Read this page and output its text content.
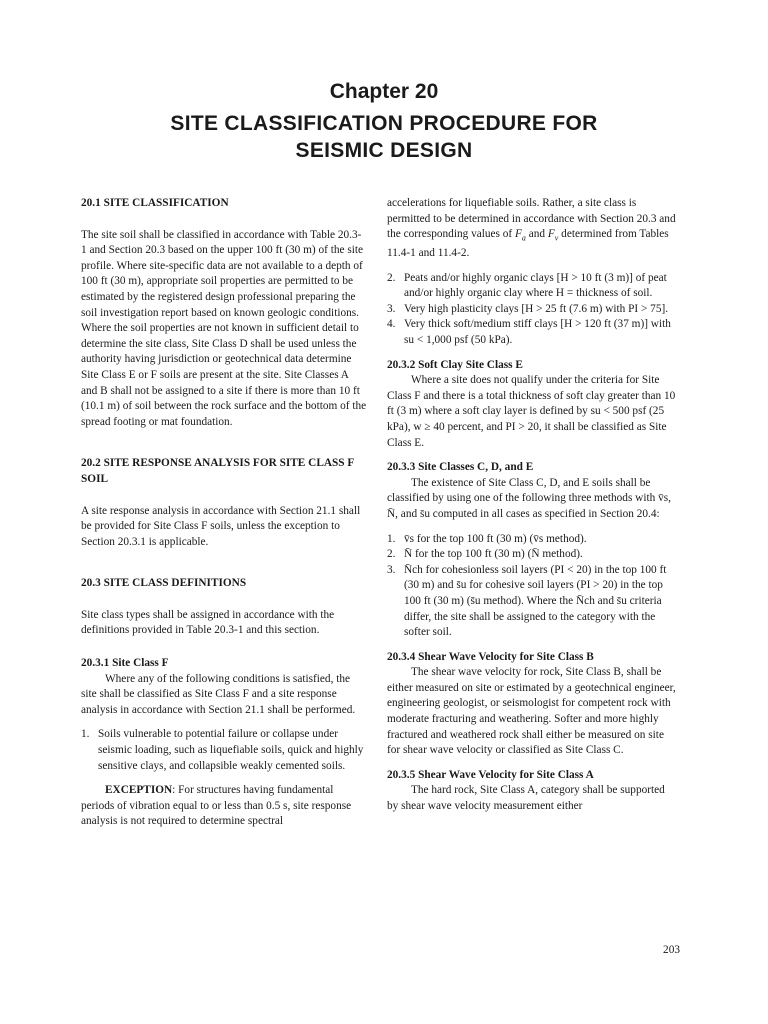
Chapter 20
SITE CLASSIFICATION PROCEDURE FOR
SEISMIC DESIGN

20.1 SITE CLASSIFICATION

The site soil shall be classified in accordance with Table 20.3-1 and Section 20.3 based on the upper 100 ft (30 m) of the site profile. Where site-specific data are not available to a depth of 100 ft (30 m), appropriate soil properties are permitted to be estimated by the registered design professional preparing the soil investigation report based on known geologic conditions. Where the soil properties are not known in sufficient detail to determine the site class, Site Class D shall be used unless the authority having jurisdiction or geotechnical data determine Site Class E or F soils are present at the site. Site Classes A and B shall not be assigned to a site if there is more than 10 ft (10.1 m) of soil between the rock surface and the bottom of the spread footing or mat foundation.

20.2 SITE RESPONSE ANALYSIS FOR SITE CLASS F SOIL

A site response analysis in accordance with Section 21.1 shall be provided for Site Class F soils, unless the exception to Section 20.3.1 is applicable.

20.3 SITE CLASS DEFINITIONS

Site class types shall be assigned in accordance with the definitions provided in Table 20.3-1 and this section.

20.3.1 Site Class F

Where any of the following conditions is satisfied, the site shall be classified as Site Class F and a site response analysis in accordance with Section 21.1 shall be performed.

1. Soils vulnerable to potential failure or collapse under seismic loading, such as liquefiable soils, quick and highly sensitive clays, and collapsible weakly cemented soils.

EXCEPTION: For structures having fundamental periods of vibration equal to or less than 0.5 s, site response analysis is not required to determine spectral

accelerations for liquefiable soils. Rather, a site class is permitted to be determined in accordance with Section 20.3 and the corresponding values of $F_a$ and $F_v$ determined from Tables 11.4-1 and 11.4-2.

2. Peats and/or highly organic clays [H > 10 ft (3 m)] of peat and/or highly organic clay where H = thickness of soil.
3. Very high plasticity clays [H > 25 ft (7.6 m) with PI > 75].
4. Very thick soft/medium stiff clays [H > 120 ft (37 m)] with su < 1,000 psf (50 kPa).

20.3.2 Soft Clay Site Class E

Where a site does not qualify under the criteria for Site Class F and there is a total thickness of soft clay greater than 10 ft (3 m) where a soft clay layer is defined by su < 500 psf (25 kPa), w ≥ 40 percent, and PI > 20, it shall be classified as Site Class E.

20.3.3 Site Classes C, D, and E

The existence of Site Class C, D, and E soils shall be classified by using one of the following three methods with v̄s, N̄, and s̄u computed in all cases as specified in Section 20.4:

1. v̄s for the top 100 ft (30 m) (v̄s method).
2. N̄ for the top 100 ft (30 m) (N̄ method).
3. N̄ch for cohesionless soil layers (PI < 20) in the top 100 ft (30 m) and s̄u for cohesive soil layers (PI > 20) in the top 100 ft (30 m) (s̄u method). Where the N̄ch and s̄u criteria differ, the site shall be assigned to the category with the softer soil.

20.3.4 Shear Wave Velocity for Site Class B

The shear wave velocity for rock, Site Class B, shall be either measured on site or estimated by a geotechnical engineer, engineering geologist, or seismologist for competent rock with moderate fracturing and weathering. Softer and more highly fractured and weathered rock shall either be measured on site for shear wave velocity or classified as Site Class C.

20.3.5 Shear Wave Velocity for Site Class A

The hard rock, Site Class A, category shall be supported by shear wave velocity measurement either

203
